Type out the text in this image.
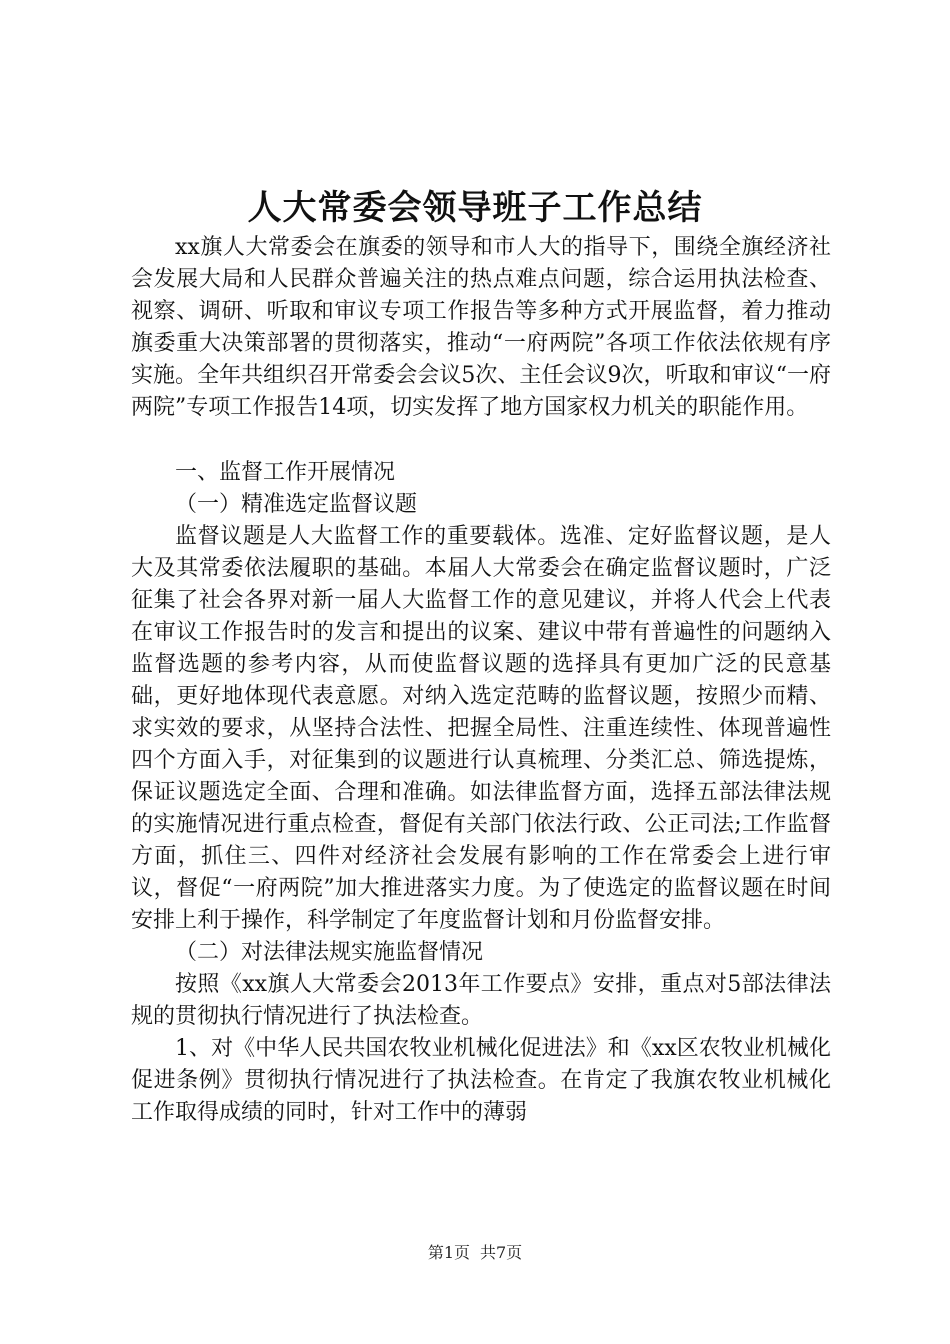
人大常委会领导班子工作总结

xx旗人大常委会在旗委的领导和市人大的指导下，围绕全旗经济社会发展大局和人民群众普遍关注的热点难点问题，综合运用执法检查、视察、调研、听取和审议专项工作报告等多种方式开展监督，着力推动旗委重大决策部署的贯彻落实，推动“一府两院”各项工作依法依规有序实施。全年共组织召开常委会会议5次、主任会议9次，听取和审议“一府两院”专项工作报告14项，切实发挥了地方国家权力机关的职能作用。

一、监督工作开展情况

（一）精准选定监督议题

监督议题是人大监督工作的重要载体。选准、定好监督议题，是人大及其常委依法履职的基础。本届人大常委会在确定监督议题时，广泛征集了社会各界对新一届人大监督工作的意见建议，并将人代会上代表在审议工作报告时的发言和提出的议案、建议中带有普遍性的问题纳入监督选题的参考内容，从而使监督议题的选择具有更加广泛的民意基础，更好地体现代表意愿。对纳入选定范畴的监督议题，按照少而精、求实效的要求，从坚持合法性、把握全局性、注重连续性、体现普遍性四个方面入手，对征集到的议题进行认真梳理、分类汇总、筛选提炼，保证议题选定全面、合理和准确。如法律监督方面，选择五部法律法规的实施情况进行重点检查，督促有关部门依法行政、公正司法;工作监督方面，抓住三、四件对经济社会发展有影响的工作在常委会上进行审议，督促“一府两院”加大推进落实力度。为了使选定的监督议题在时间安排上利于操作，科学制定了年度监督计划和月份监督安排。

（二）对法律法规实施监督情况

按照《xx旗人大常委会2013年工作要点》安排，重点对5部法律法规的贯彻执行情况进行了执法检查。

1、对《中华人民共国农牧业机械化促进法》和《xx区农牧业机械化促进条例》贯彻执行情况进行了执法检查。在肯定了我旗农牧业机械化工作取得成绩的同时，针对工作中的薄弱

第1页 共7页
